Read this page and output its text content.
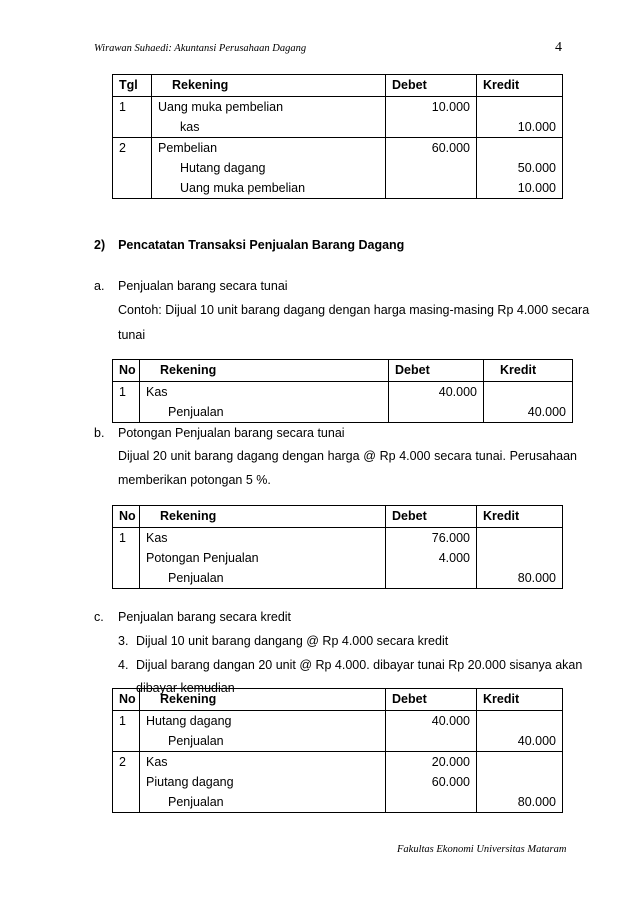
Wirawan Suhaedi: Akuntansi Perusahaan Dagang	4
Tgl	Rekening	Debet	Kredit
1	Uang muka pembelian	10.000	
	kas		10.000
2	Pembelian	60.000	
	Hutang dagang		50.000
	Uang muka pembelian		10.000
2) Pencatatan Transaksi Penjualan Barang Dagang
a. Penjualan barang secara tunai
Contoh: Dijual 10 unit barang dagang dengan harga masing-masing Rp 4.000 secara
tunai
No	Rekening	Debet	Kredit
1	Kas	40.000	
	Penjualan		40.000
b. Potongan Penjualan barang secara tunai
Dijual 20 unit barang dagang dengan harga @ Rp 4.000 secara tunai. Perusahaan
memberikan potongan 5 %.
No	Rekening	Debet	Kredit
1	Kas	76.000	
	Potongan Penjualan	4.000	
	Penjualan		80.000
c. Penjualan barang secara kredit
3. Dijual 10 unit barang dangang @ Rp 4.000 secara kredit
4. Dijual barang dangan 20 unit @ Rp 4.000. dibayar tunai Rp 20.000 sisanya akan
dibayar kemudian
No	Rekening	Debet	Kredit
1	Hutang dagang	40.000	
	Penjualan		40.000
2	Kas	20.000	
	Piutang dagang	60.000	
	Penjualan		80.000
Fakultas Ekonomi Universitas Mataram
